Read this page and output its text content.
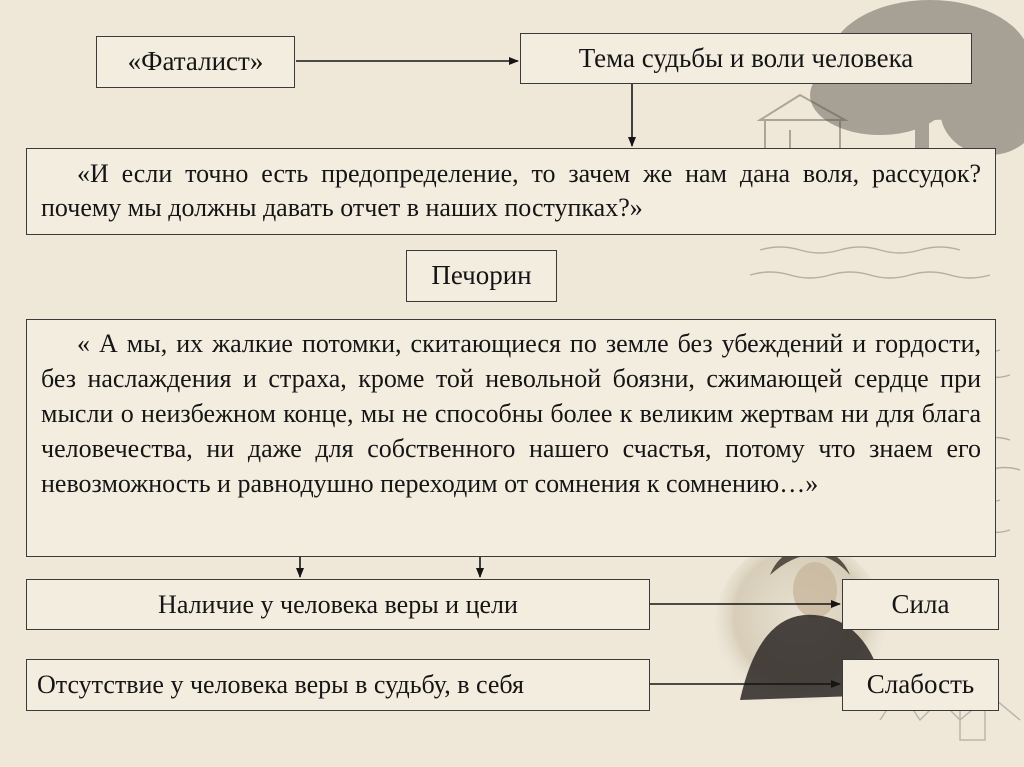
«Фаталист»	Тема судьбы и воли человека
«И если точно есть предопределение, то зачем же нам дана воля, рассудок? почему мы должны давать отчет в наших поступках?»
Печорин
« А мы, их жалкие потомки, скитающиеся по земле без убеждений и гордости, без наслаждения и страха, кроме той невольной боязни, сжимающей сердце при мысли о неизбежном конце, мы не способны более к великим жертвам ни для блага человечества, ни даже для собственного нашего счастья, потому что знаем его невозможность и равнодушно переходим от сомнения к сомнению…»
Наличие у человека веры и цели	Сила
Отсутствие у человека веры в судьбу, в себя	Слабость
